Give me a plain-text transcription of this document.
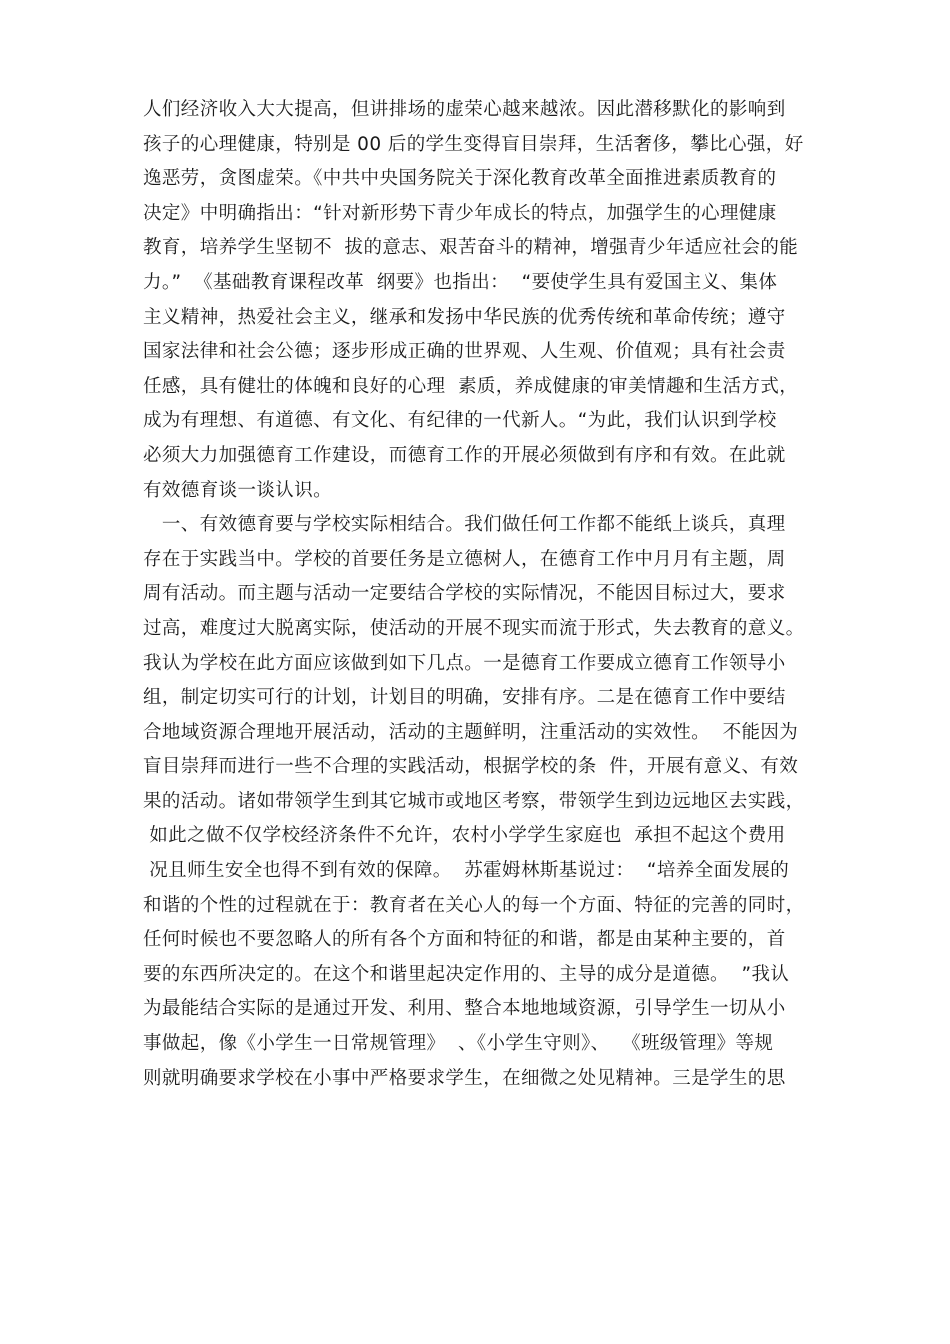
人们经济收入大大提高，但讲排场的虚荣心越来越浓。因此潜移默化的影响到
孩子的心理健康，特别是 00 后的学生变得盲目崇拜，生活奢侈，攀比心强，好
逸恶劳，贪图虚荣。《中共中央国务院关于深化教育改革全面推进素质教育的
决定》中明确指出：“针对新形势下青少年成长的特点，加强学生的心理健康
教育，培养学生坚韧不  拔的意志、艰苦奋斗的精神，增强青少年适应社会的能
力。”  《基础教育课程改革  纲要》也指出：  “要使学生具有爱国主义、集体
主义精神，热爱社会主义，继承和发扬中华民族的优秀传统和革命传统；遵守
国家法律和社会公德；逐步形成正确的世界观、人生观、价值观；具有社会责
任感，具有健壮的体魄和良好的心理  素质，养成健康的审美情趣和生活方式，
成为有理想、有道德、有文化、有纪律的一代新人。“为此，我们认识到学校
必须大力加强德育工作建设，而德育工作的开展必须做到有序和有效。在此就
有效德育谈一谈认识。
一、有效德育要与学校实际相结合。我们做任何工作都不能纸上谈兵，真理
存在于实践当中。学校的首要任务是立德树人，在德育工作中月月有主题，周
周有活动。而主题与活动一定要结合学校的实际情况，不能因目标过大，要求
过高，难度过大脱离实际，使活动的开展不现实而流于形式，失去教育的意义。
我认为学校在此方面应该做到如下几点。一是德育工作要成立德育工作领导小
组，制定切实可行的计划，计划目的明确，安排有序。二是在德育工作中要结
合地域资源合理地开展活动，活动的主题鲜明，注重活动的实效性。  不能因为
盲目崇拜而进行一些不合理的实践活动，根据学校的条  件，开展有意义、有效
果的活动。诸如带领学生到其它城市或地区考察，带领学生到边远地区去实践，
如此之做不仅学校经济条件不允许，农村小学学生家庭也  承担不起这个费用
况且师生安全也得不到有效的保障。  苏霍姆林斯基说过：  “培养全面发展的
和谐的个性的过程就在于：教育者在关心人的每一个方面、特征的完善的同时，
任何时候也不要忽略人的所有各个方面和特征的和谐，都是由某种主要的，首
要的东西所决定的。在这个和谐里起决定作用的、主导的成分是道德。  ”我认
为最能结合实际的是通过开发、利用、整合本地地域资源，引导学生一切从小
事做起，像《小学生一日常规管理》  、《小学生守则》、  《班级管理》等规
则就明确要求学校在小事中严格要求学生，在细微之处见精神。三是学生的思
